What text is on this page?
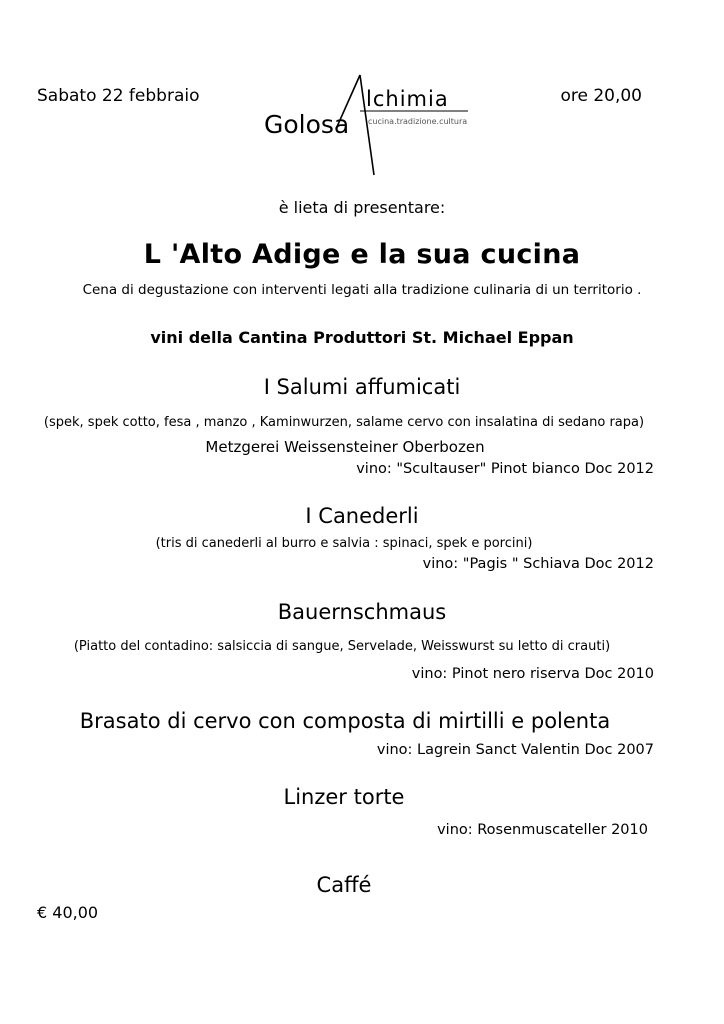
Sabato 22 febbraio	ore 20,00
Golosa
lchimia
cucina.tradizione.cultura
è lieta di presentare:
L 'Alto Adige e la sua cucina
Cena di degustazione con interventi legati alla tradizione culinaria di un territorio .
vini della Cantina Produttori St. Michael Eppan
I Salumi affumicati
(spek, spek cotto, fesa , manzo , Kaminwurzen, salame cervo con insalatina di sedano rapa)
Metzgerei Weissensteiner Oberbozen
vino: "Scultauser" Pinot bianco Doc 2012
I Canederli
(tris di canederli al burro e salvia : spinaci, spek e porcini)
vino: "Pagis " Schiava Doc 2012
Bauernschmaus
(Piatto del contadino: salsiccia di sangue, Servelade, Weisswurst su letto di crauti)
vino: Pinot nero riserva Doc 2010
Brasato di cervo con composta di mirtilli e polenta
vino: Lagrein Sanct Valentin Doc 2007
Linzer torte
vino: Rosenmuscateller 2010
Caffé
€ 40,00
